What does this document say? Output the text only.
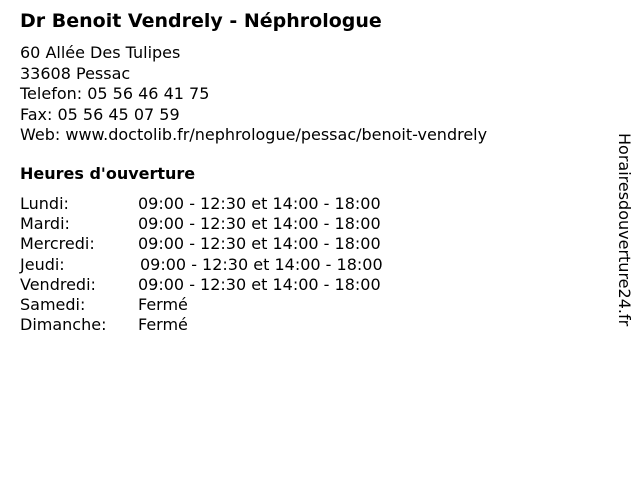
Dr Benoit Vendrely - Néphrologue
60 Allée Des Tulipes
33608 Pessac
Telefon: 05 56 46 41 75
Fax: 05 56 45 07 59
Web: www.doctolib.fr/nephrologue/pessac/benoit-vendrely
Heures d'ouverture
Lundi:	09:00 - 12:30 et 14:00 - 18:00
Mardi:	09:00 - 12:30 et 14:00 - 18:00
Mercredi:	09:00 - 12:30 et 14:00 - 18:00
Jeudi:	09:00 - 12:30 et 14:00 - 18:00
Vendredi:	09:00 - 12:30 et 14:00 - 18:00
Samedi:	Fermé
Dimanche: Fermé	Horairesdouverture24.fr
